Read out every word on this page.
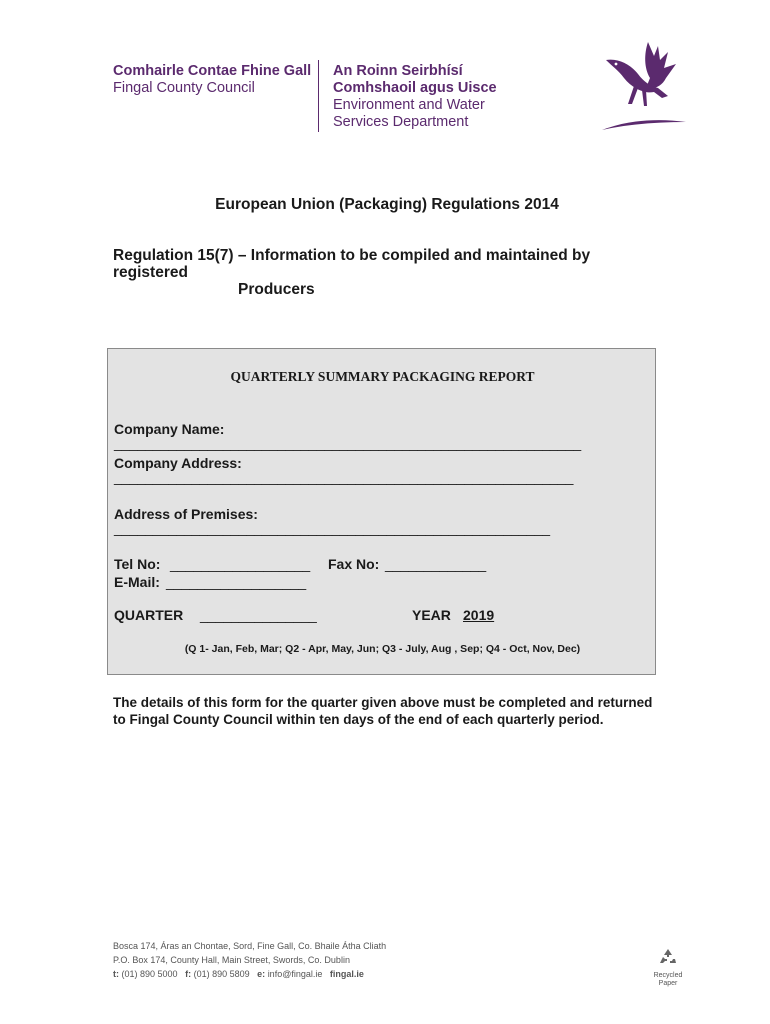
Comhairle Contae Fhine Gall
Fingal County Council
An Roinn Seirbhísí
Comhshaoil agus Uisce
Environment and Water
Services Department
European Union (Packaging) Regulations 2014
Regulation 15(7) – Information to be compiled and maintained by
registered
Producers
QUARTERLY SUMMARY PACKAGING REPORT
Company Name:
____________________________________________________________
Company Address:
___________________________________________________________
Address of Premises:
________________________________________________________
Tel No: __________________ Fax No: _____________
E-Mail: __________________
QUARTER _______________	YEAR 2019
(Q 1- Jan, Feb, Mar; Q2 - Apr, May, Jun; Q3 - July, Aug , Sep; Q4 - Oct, Nov, Dec)
The details of this form for the quarter given above must be completed and returned to Fingal County Council within ten days of the end of each quarterly period.
Bosca 174, Áras an Chontae, Sord, Fine Gall, Co. Bhaile Átha Cliath
P.O. Box 174, County Hall, Main Street, Swords, Co. Dublin
t: (01) 890 5000 f: (01) 890 5809 e: info@fingal.ie fingal.ie	Recycled
Paper
